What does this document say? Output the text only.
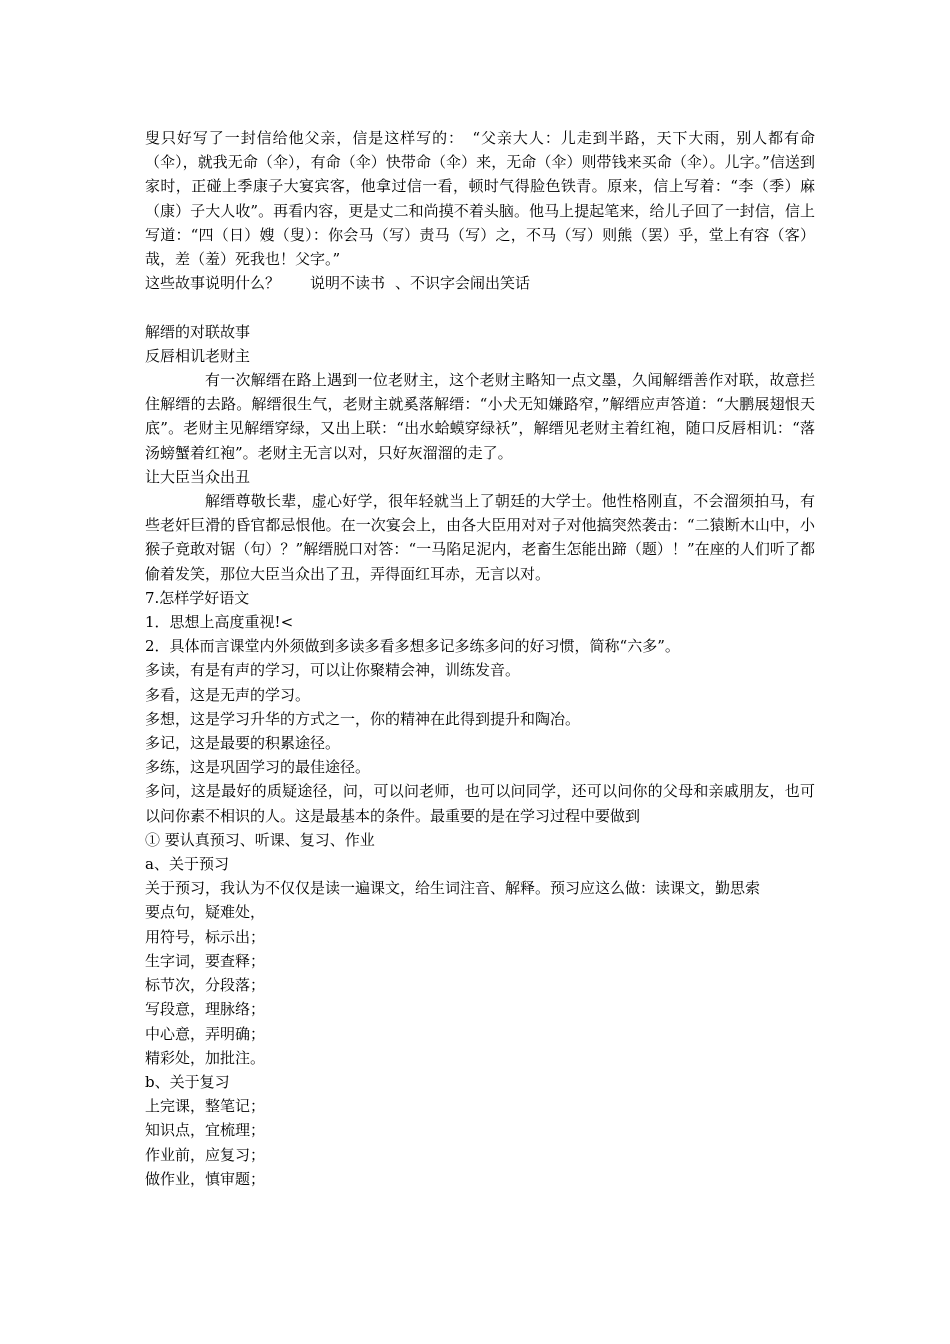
叟只好写了一封信给他父亲，信是这样写的：　“父亲大人：儿走到半路，天下大雨，别人都有命（伞），就我无命（伞），有命（伞）快带命（伞）来，无命（伞）则带钱来买命（伞）。儿字。”信送到家时，正碰上季康子大宴宾客，他拿过信一看，顿时气得脸色铁青。原来，信上写着：“李（季）麻（康）子大人收”。再看内容，更是丈二和尚摸不着头脑。他马上提起笔来，给儿子回了一封信，信上写道：“四（日）嫂（叟）：你会马（写）责马（写）之，不马（写）则熊（罢）乎，堂上有容（客）哉，差（羞）死我也！父字。”

这些故事说明什么？ 说明不读书 、不识字会闹出笑话

解缙的对联故事

反唇相讥老财主

有一次解缙在路上遇到一位老财主，这个老财主略知一点文墨，久闻解缙善作对联，故意拦住解缙的去路。解缙很生气，老财主就奚落解缙：“小犬无知嫌路窄，”解缙应声答道：“大鹏展翅恨天底”。老财主见解缙穿绿，又出上联：“出水蛤蟆穿绿袄”，解缙见老财主着红袍，随口反唇相讥：“落汤螃蟹着红袍”。老财主无言以对，只好灰溜溜的走了。

让大臣当众出丑

解缙尊敬长辈，虚心好学，很年轻就当上了朝廷的大学士。他性格刚直，不会溜须拍马，有些老奸巨滑的昏官都忌恨他。在一次宴会上，由各大臣用对对子对他搞突然袭击：“二猿断木山中，小猴子竟敢对锯（句）？”解缙脱口对答：“一马陷足泥内，老畜生怎能出蹄（题）！”在座的人们听了都偷着发笑，那位大臣当众出了丑，弄得面红耳赤，无言以对。

7.怎样学好语文

1．思想上高度重视!<

2．具体而言课堂内外须做到多读多看多想多记多练多问的好习惯，简称“六多”。

多读，有是有声的学习，可以让你聚精会神，训练发音。

多看，这是无声的学习。

多想，这是学习升华的方式之一，你的精神在此得到提升和陶冶。

多记，这是最要的积累途径。

多练，这是巩固学习的最佳途径。

多问，这是最好的质疑途径，问，可以问老师，也可以问同学，还可以问你的父母和亲戚朋友，也可以问你素不相识的人。这是最基本的条件。最重要的是在学习过程中要做到

① 要认真预习、听课、复习、作业

a、关于预习

关于预习，我认为不仅仅是读一遍课文，给生词注音、解释。预习应这么做：读课文，勤思索

要点句，疑难处，

用符号，标示出；

生字词，要查释；

标节次，分段落；

写段意，理脉络；

中心意，弄明确；

精彩处，加批注。

b、关于复习

上完课，整笔记；

知识点，宜梳理；

作业前，应复习；

做作业，慎审题；
